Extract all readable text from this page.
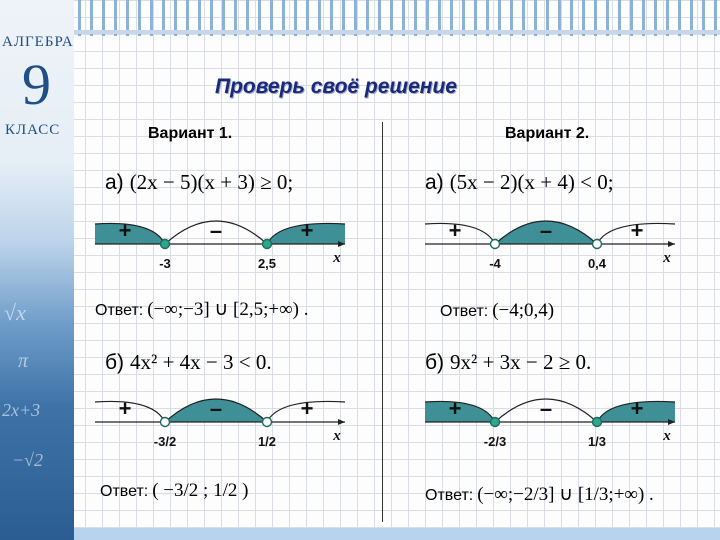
АЛГЕБРА
9
КЛАСС
√x
π
2x+3
−√2
Проверь своё решение
Вариант 1.	Вариант 2.
а) (2x − 5)(x + 3) ≥ 0;
+	–	+
-3	2,5	x
Ответ: (−∞;−3] ∪ [2,5;+∞) .
б) 4x² + 4x − 3 < 0.
+	–	+
-3/2	1/2	x
Ответ: ( −3/2 ; 1/2 )
а) (5x − 2)(x + 4) < 0;
+	–	+
-4	0,4	x
Ответ: (−4;0,4)
б) 9x² + 3x − 2 ≥ 0.
+	–	+
-2/3	1/3	x
Ответ: (−∞;−2/3] ∪ [1/3;+∞) .
